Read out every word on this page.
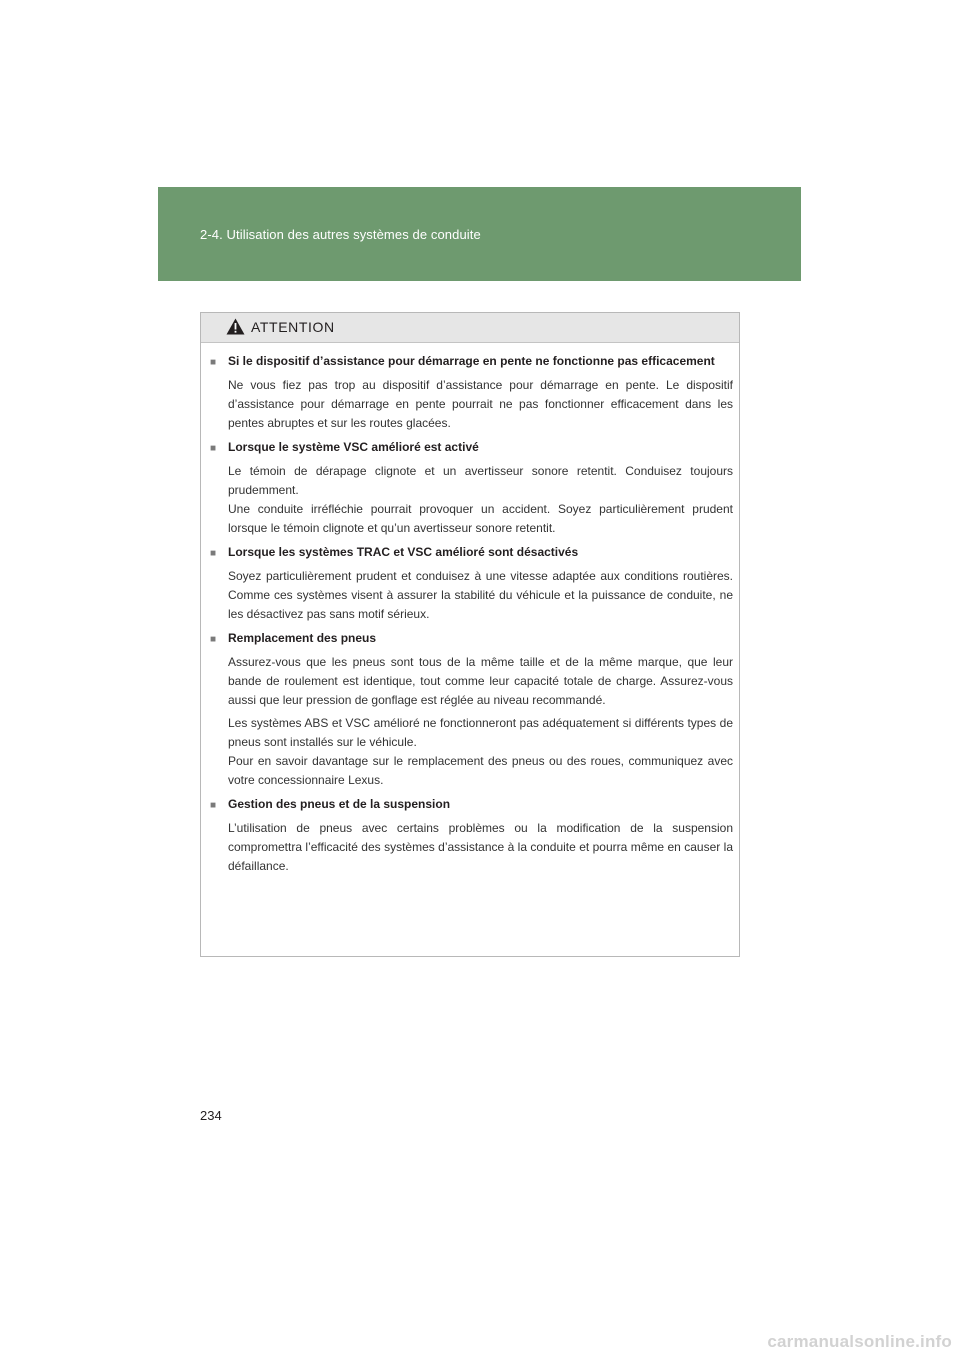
2-4. Utilisation des autres systèmes de conduite
ATTENTION
■ Si le dispositif d’assistance pour démarrage en pente ne fonctionne pas efficacement
Ne vous fiez pas trop au dispositif d’assistance pour démarrage en pente. Le dispositif d’assistance pour démarrage en pente pourrait ne pas fonctionner efficacement dans les pentes abruptes et sur les routes glacées.
■ Lorsque le système VSC amélioré est activé
Le témoin de dérapage clignote et un avertisseur sonore retentit. Conduisez toujours prudemment.
Une conduite irréfléchie pourrait provoquer un accident. Soyez particulièrement prudent lorsque le témoin clignote et qu’un avertisseur sonore retentit.
■ Lorsque les systèmes TRAC et VSC amélioré sont désactivés
Soyez particulièrement prudent et conduisez à une vitesse adaptée aux conditions routières. Comme ces systèmes visent à assurer la stabilité du véhicule et la puissance de conduite, ne les désactivez pas sans motif sérieux.
■ Remplacement des pneus
Assurez-vous que les pneus sont tous de la même taille et de la même marque, que leur bande de roulement est identique, tout comme leur capacité totale de charge. Assurez-vous aussi que leur pression de gonflage est réglée au niveau recommandé.
Les systèmes ABS et VSC amélioré ne fonctionneront pas adéquatement si différents types de pneus sont installés sur le véhicule.
Pour en savoir davantage sur le remplacement des pneus ou des roues, communiquez avec votre concessionnaire Lexus.
■ Gestion des pneus et de la suspension
L’utilisation de pneus avec certains problèmes ou la modification de la suspension compromettra l’efficacité des systèmes d’assistance à la conduite et pourra même en causer la défaillance.
234
carmanualsonline.info
